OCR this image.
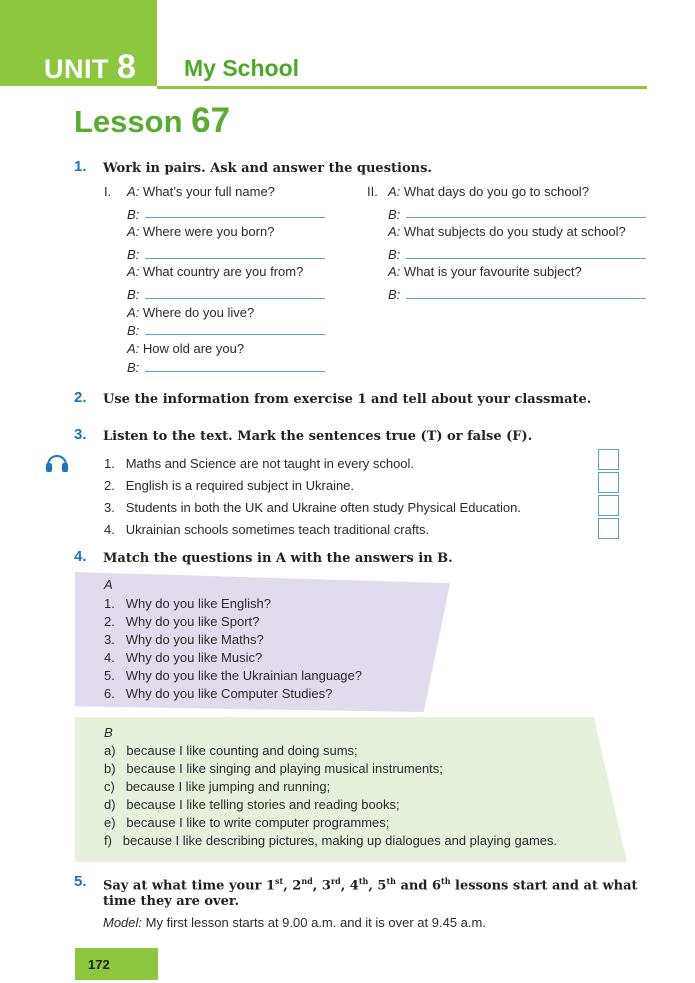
UNIT 8 My School
Lesson 67
1. Work in pairs. Ask and answer the questions.
I.	II.
A: What’s your full name?
B:
A: Where were you born?
B:
A: What country are you from?
B:
A: Where do you live?
B:
A: How old are you?
B:
A: What days do you go to school?
B:
A: What subjects do you study at school?
B:
A: What is your favourite subject?
B:
2. Use the information from exercise 1 and tell about your classmate.
3. Listen to the text. Mark the sentences true (T) or false (F).
1. Maths and Science are not taught in every school.
2. English is a required subject in Ukraine.
3. Students in both the UK and Ukraine often study Physical Education.
4. Ukrainian schools sometimes teach traditional crafts.
4. Match the questions in A with the answers in B.
A
1. Why do you like English?
2. Why do you like Sport?
3. Why do you like Maths?
4. Why do you like Music?
5. Why do you like the Ukrainian language?
6. Why do you like Computer Studies?
B
a) because I like counting and doing sums;
b) because I like singing and playing musical instruments;
c) because I like jumping and running;
d) because I like telling stories and reading books;
e) because I like to write computer programmes;
f) because I like describing pictures, making up dialogues and playing games.
5. Say at what time your 1st, 2nd, 3rd, 4th, 5th and 6th lessons start and at what
time they are over.
Model: My first lesson starts at 9.00 a.m. and it is over at 9.45 a.m.
172
